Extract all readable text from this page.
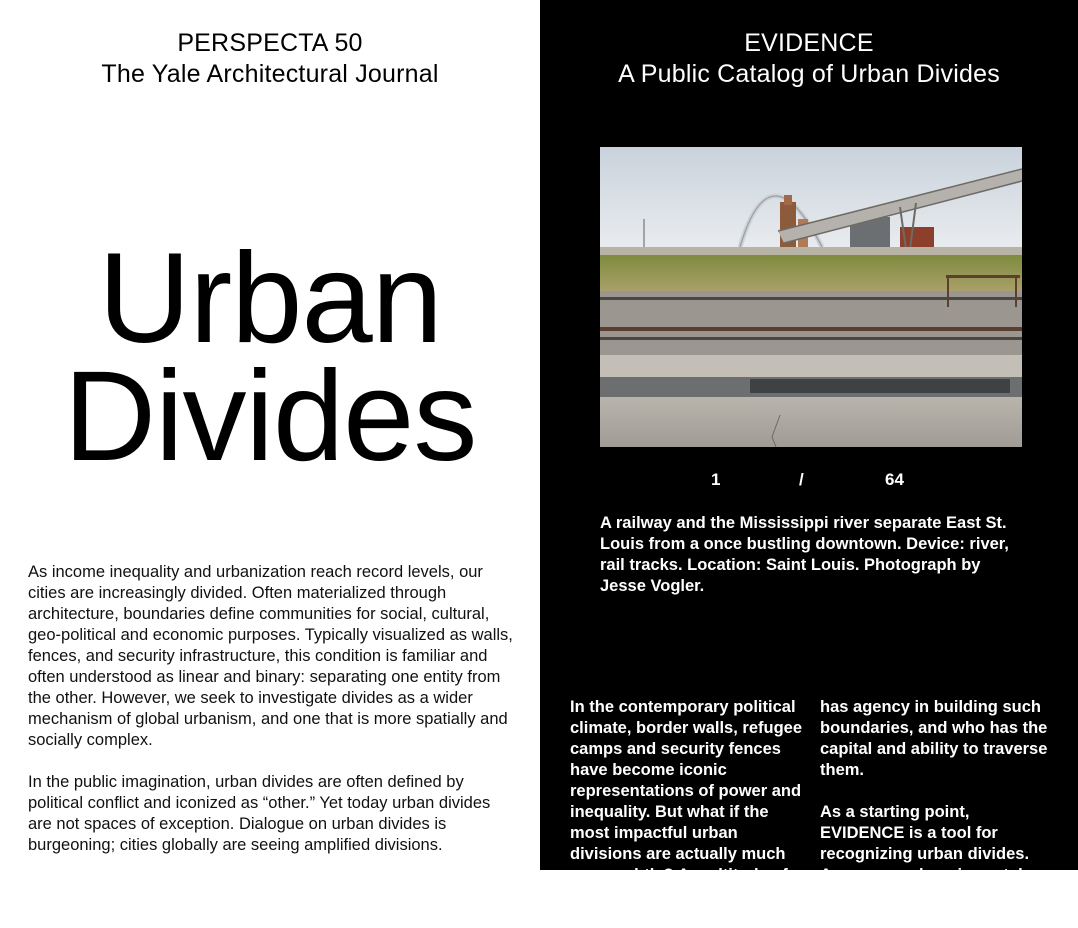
PERSPECTA 50
The Yale Architectural Journal
Urban
Divides

As income inequality and urbanization reach record levels, our cities are increasingly divided. Often materialized through architecture, boundaries define communities for social, cultural, geo-political and economic purposes. Typically visualized as walls, fences, and security infrastructure, this condition is familiar and often understood as linear and binary: separating one entity from the other. However, we seek to investigate divides as a wider mechanism of global urbanism, and one that is more spatially and socially complex.

In the public imagination, urban divides are often defined by political conflict and iconized as “other.” Yet today urban divides are not spaces of exception. Dialogue on urban divides is burgeoning; cities globally are seeing amplified divisions.

EVIDENCE
A Public Catalog of Urban Divides
1	/	64
A railway and the Mississippi river separate East St. Louis from a once bustling downtown. Device: river, rail tracks. Location: Saint Louis. Photograph by Jesse Vogler.

In the contemporary political climate, border walls, refugee camps and security fences have become iconic representations of power and inequality. But what if the most impactful urban divisions are actually much more subtle? A multitude of

has agency in building such boundaries, and who has the capital and ability to traverse them.

As a starting point, EVIDENCE is a tool for recognizing urban divides. As a comprehensive catalog of
